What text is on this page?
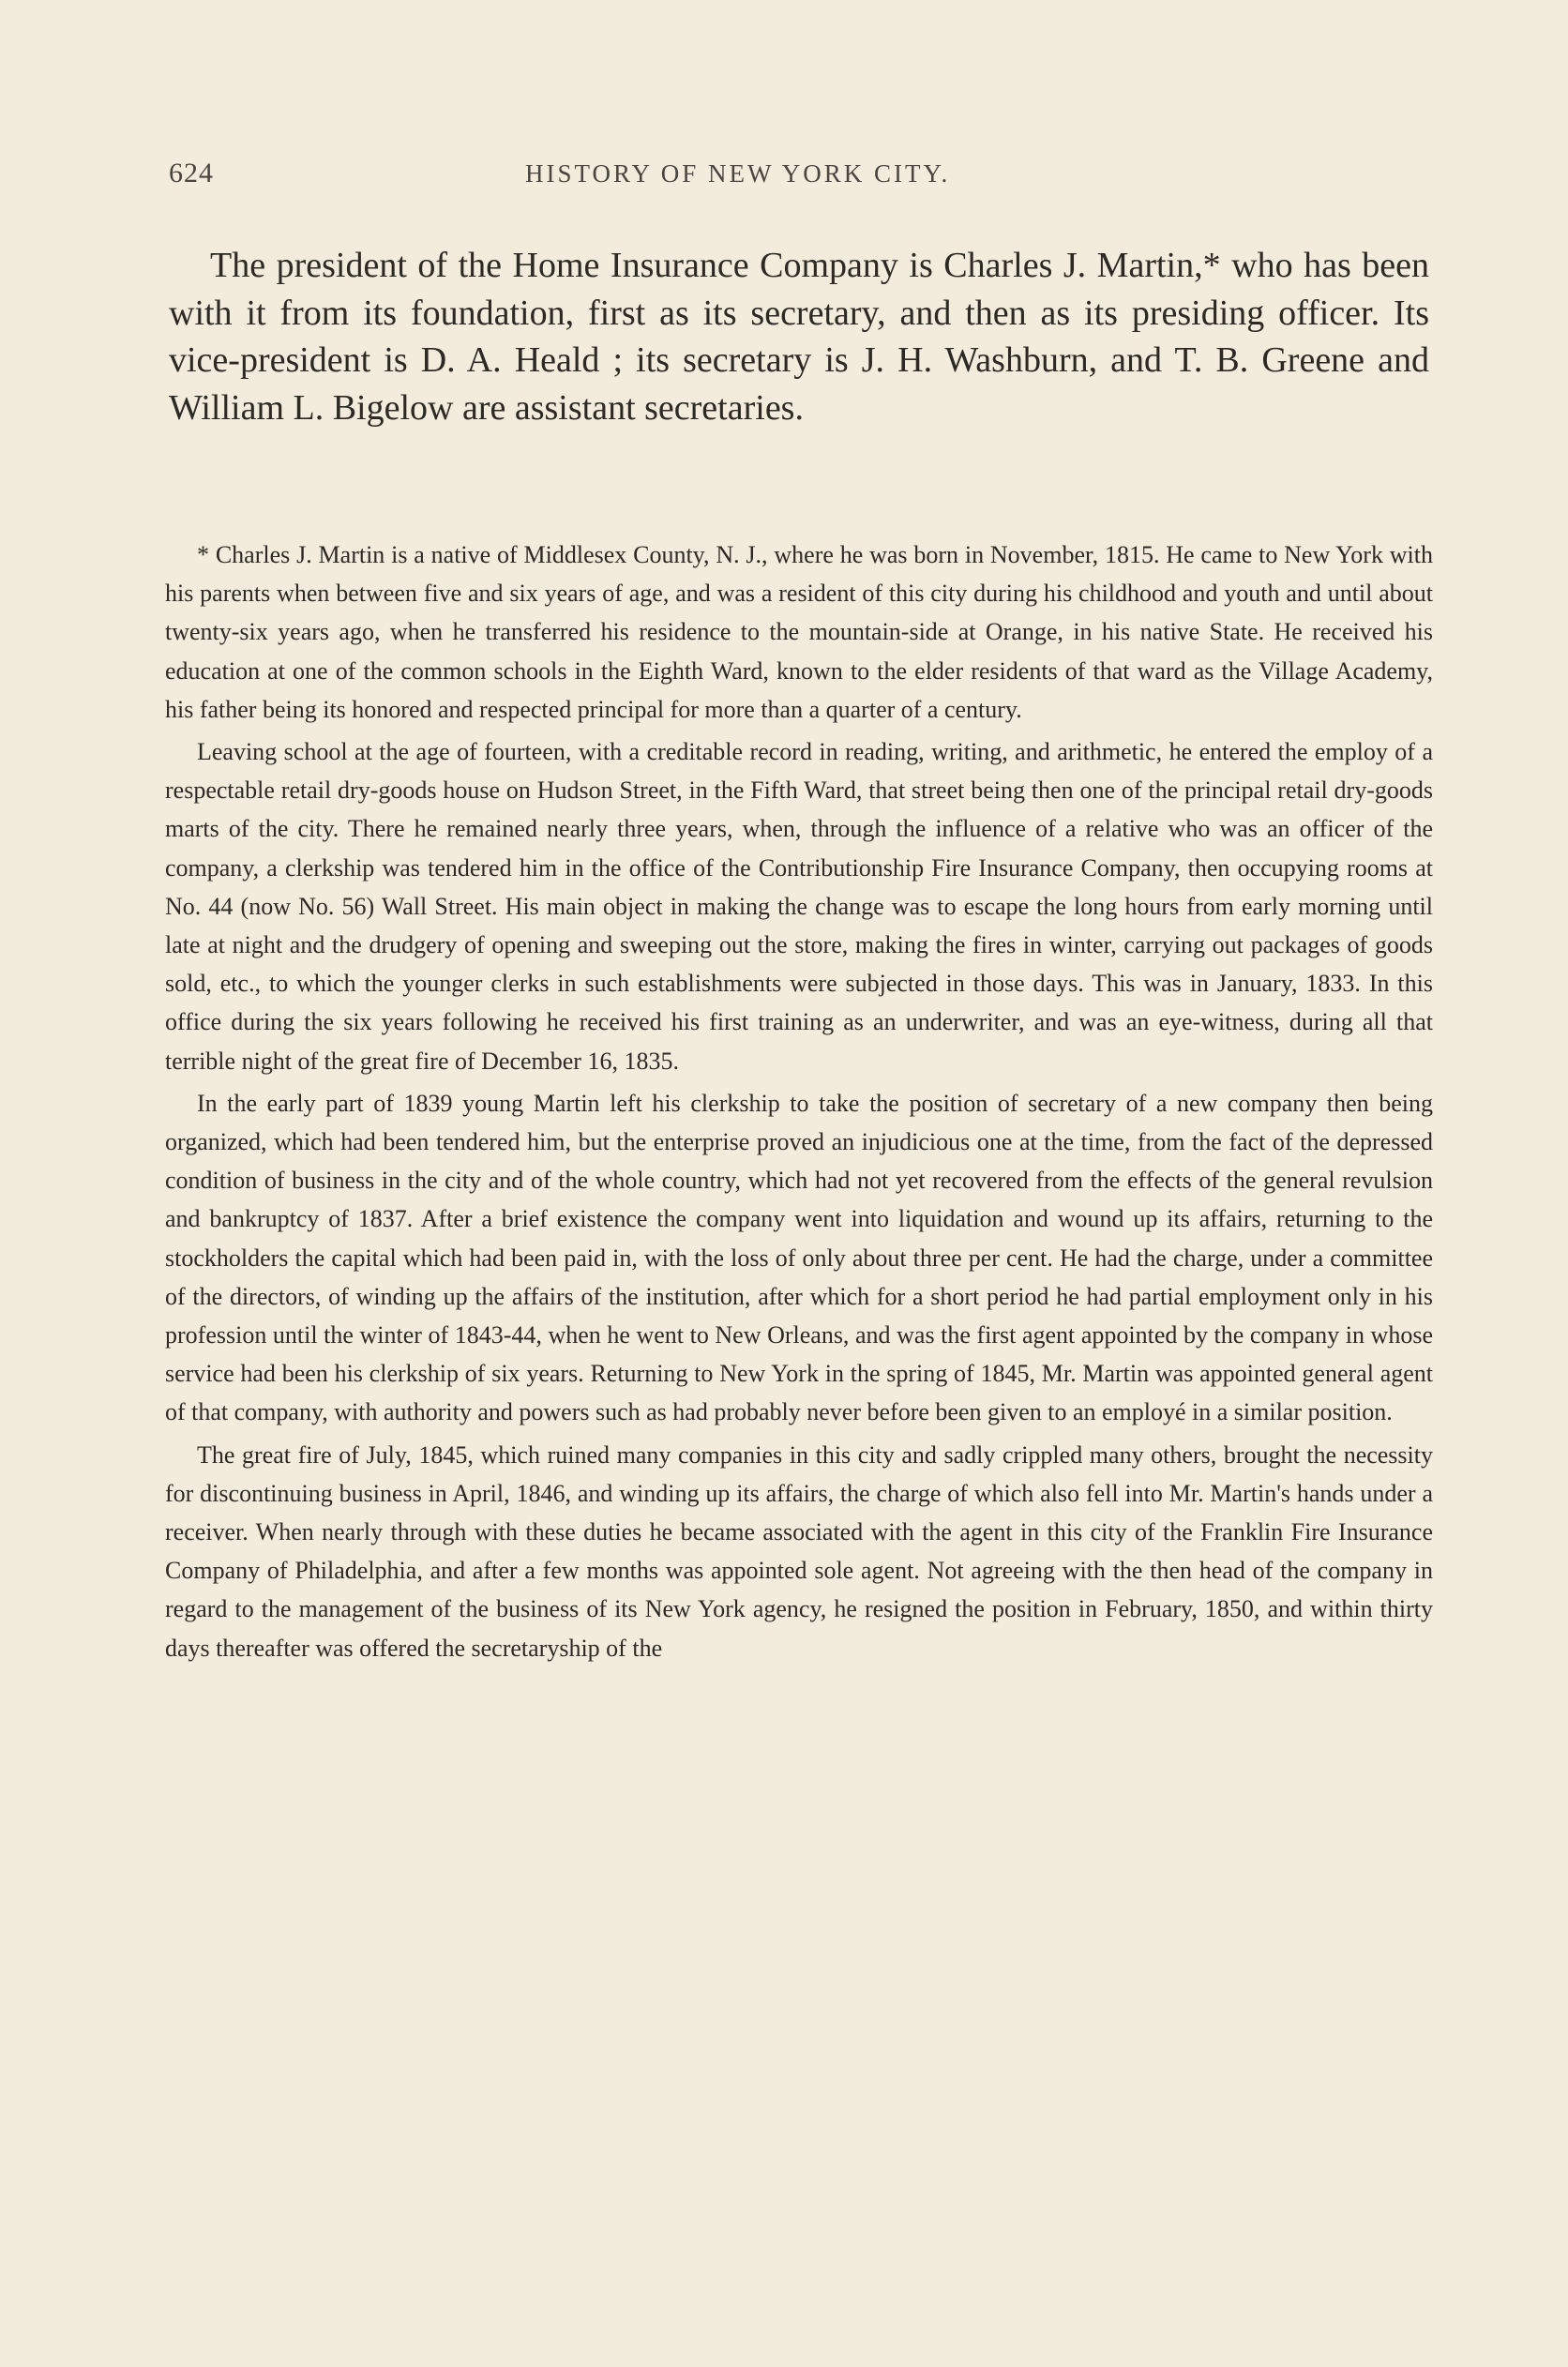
624	HISTORY OF NEW YORK CITY.

The president of the Home Insurance Company is Charles J. Martin,* who has been with it from its foundation, first as its secretary, and then as its presiding officer. Its vice-president is D. A. Heald ; its secretary is J. H. Washburn, and T. B. Greene and William L. Bigelow are assistant secretaries.

* Charles J. Martin is a native of Middlesex County, N. J., where he was born in November, 1815. He came to New York with his parents when between five and six years of age, and was a resident of this city during his childhood and youth and until about twenty-six years ago, when he transferred his residence to the mountain-side at Orange, in his native State. He received his education at one of the common schools in the Eighth Ward, known to the elder residents of that ward as the Village Academy, his father being its honored and respected principal for more than a quarter of a century.

Leaving school at the age of fourteen, with a creditable record in reading, writing, and arithmetic, he entered the employ of a respectable retail dry-goods house on Hudson Street, in the Fifth Ward, that street being then one of the principal retail dry-goods marts of the city. There he remained nearly three years, when, through the influence of a relative who was an officer of the company, a clerkship was tendered him in the office of the Contributionship Fire Insurance Company, then occupying rooms at No. 44 (now No. 56) Wall Street. His main object in making the change was to escape the long hours from early morning until late at night and the drudgery of opening and sweeping out the store, making the fires in winter, carrying out packages of goods sold, etc., to which the younger clerks in such establishments were subjected in those days. This was in January, 1833. In this office during the six years following he received his first training as an underwriter, and was an eye-witness, during all that terrible night of the great fire of December 16, 1835.

In the early part of 1839 young Martin left his clerkship to take the position of secretary of a new company then being organized, which had been tendered him, but the enterprise proved an injudicious one at the time, from the fact of the depressed condition of business in the city and of the whole country, which had not yet recovered from the effects of the general revulsion and bankruptcy of 1837. After a brief existence the company went into liquidation and wound up its affairs, returning to the stockholders the capital which had been paid in, with the loss of only about three per cent. He had the charge, under a committee of the directors, of winding up the affairs of the institution, after which for a short period he had partial employment only in his profession until the winter of 1843-44, when he went to New Orleans, and was the first agent appointed by the company in whose service had been his clerkship of six years. Returning to New York in the spring of 1845, Mr. Martin was appointed general agent of that company, with authority and powers such as had probably never before been given to an employé in a similar position.

The great fire of July, 1845, which ruined many companies in this city and sadly crippled many others, brought the necessity for discontinuing business in April, 1846, and winding up its affairs, the charge of which also fell into Mr. Martin's hands under a receiver. When nearly through with these duties he became associated with the agent in this city of the Franklin Fire Insurance Company of Philadelphia, and after a few months was appointed sole agent. Not agreeing with the then head of the company in regard to the management of the business of its New York agency, he resigned the position in February, 1850, and within thirty days thereafter was offered the secretaryship of the
